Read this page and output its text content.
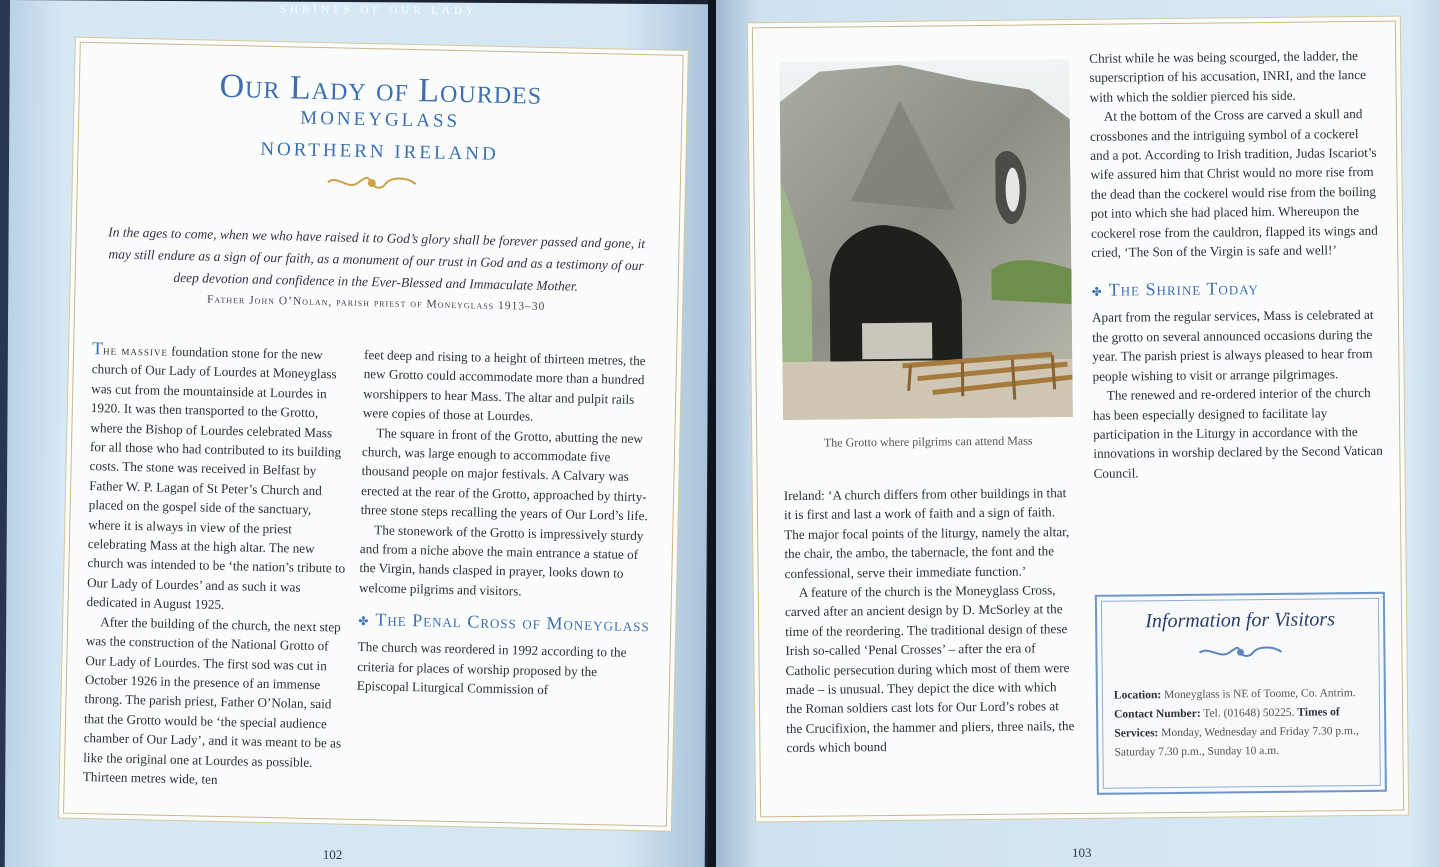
SHRINES OF OUR LADY
Our Lady of Lourdes
MONEYGLASS
NORTHERN IRELAND
In the ages to come, when we who have raised it to God’s glory shall be forever passed and gone, it may still endure as a sign of our faith, as a monument of our trust in God and as a testimony of our deep devotion and confidence in the Ever-Blessed and Immaculate Mother.
Father John O’Nolan, parish priest of Moneyglass 1913–30

The massive foundation stone for the new church of Our Lady of Lourdes at Moneyglass was cut from the mountainside at Lourdes in 1920. It was then transported to the Grotto, where the Bishop of Lourdes celebrated Mass for all those who had contributed to its building costs. The stone was received in Belfast by Father W. P. Lagan of St Peter’s Church and placed on the gospel side of the sanctuary, where it is always in view of the priest celebrating Mass at the high altar. The new church was intended to be ‘the nation’s tribute to Our Lady of Lourdes’ and as such it was dedicated in August 1925.

After the building of the church, the next step was the construction of the National Grotto of Our Lady of Lourdes. The first sod was cut in October 1926 in the presence of an immense throng. The parish priest, Father O’Nolan, said that the Grotto would be ‘the special audience chamber of Our Lady’, and it was meant to be as like the original one at Lourdes as possible. Thirteen metres wide, ten

feet deep and rising to a height of thirteen metres, the new Grotto could accommodate more than a hundred worshippers to hear Mass. The altar and pulpit rails were copies of those at Lourdes.

The square in front of the Grotto, abutting the new church, was large enough to accommodate five thousand people on major festivals. A Calvary was erected at the rear of the Grotto, approached by thirty-three stone steps recalling the years of Our Lord’s life.

The stonework of the Grotto is impressively sturdy and from a niche above the main entrance a statue of the Virgin, hands clasped in prayer, looks down to welcome pilgrims and visitors.

✤ The Penal Cross of Moneyglass

The church was reordered in 1992 according to the criteria for places of worship proposed by the Episcopal Liturgical Commission of

102
The Grotto where pilgrims can attend Mass

Ireland: ‘A church differs from other buildings in that it is first and last a work of faith and a sign of faith. The major focal points of the liturgy, namely the altar, the chair, the ambo, the tabernacle, the font and the confessional, serve their immediate function.’

A feature of the church is the Moneyglass Cross, carved after an ancient design by D. McSorley at the time of the reordering. The traditional design of these Irish so-called ‘Penal Crosses’ – after the era of Catholic persecution during which most of them were made – is unusual. They depict the dice with which the Roman soldiers cast lots for Our Lord’s robes at the Crucifixion, the hammer and pliers, three nails, the cords which bound

Christ while he was being scourged, the ladder, the superscription of his accusation, INRI, and the lance with which the soldier pierced his side.

At the bottom of the Cross are carved a skull and crossbones and the intriguing symbol of a cockerel and a pot. According to Irish tradition, Judas Iscariot’s wife assured him that Christ would no more rise from the dead than the cockerel would rise from the boiling pot into which she had placed him. Whereupon the cockerel rose from the cauldron, flapped its wings and cried, ‘The Son of the Virgin is safe and well!’

✤ The Shrine Today

Apart from the regular services, Mass is celebrated at the grotto on several announced occasions during the year. The parish priest is always pleased to hear from people wishing to visit or arrange pilgrimages.

The renewed and re-ordered interior of the church has been especially designed to facilitate lay participation in the Liturgy in accordance with the innovations in worship declared by the Second Vatican Council.

Information for Visitors
Location: Moneyglass is NE of Toome, Co. Antrim. Contact Number: Tel. (01648) 50225. Times of Services: Monday, Wednesday and Friday 7.30 p.m., Saturday 7.30 p.m., Sunday 10 a.m.
103
